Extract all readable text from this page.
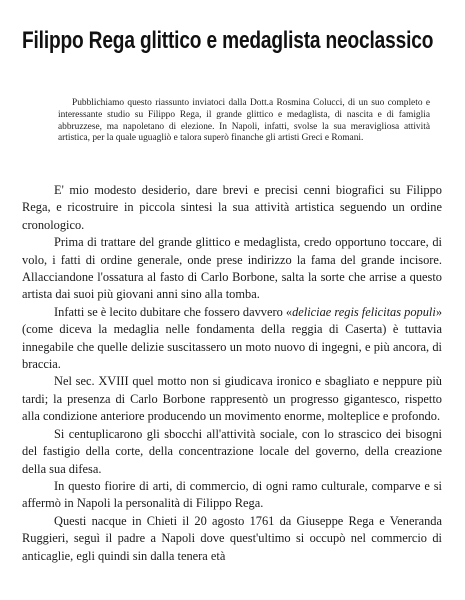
Filippo Rega glittico e medaglista neoclassico
Pubblichiamo questo riassunto inviatoci dalla Dott.a Rosmina Colucci, di un suo completo e interessante studio su Filippo Rega, il grande glittico e medaglista, di nascita e di famiglia abbruzzese, ma napoletano di elezione. In Napoli, infatti, svolse la sua meravigliosa attività artistica, per la quale uguagliò e talora superò finanche gli artisti Greci e Romani.

E' mio modesto desiderio, dare brevi e precisi cenni biografici su Filippo Rega, e ricostruire in piccola sintesi la sua attività artistica seguendo un ordine cronologico.

Prima di trattare del grande glittico e medaglista, credo opportuno toccare, di volo, i fatti di ordine generale, onde prese indirizzo la fama del grande incisore. Allacciandone l'ossatura al fasto di Carlo Borbone, salta la sorte che arrise a questo artista dai suoi più giovani anni sino alla tomba.

Infatti se è lecito dubitare che fossero davvero «deliciae regis felicitas populi» (come diceva la medaglia nelle fondamenta della reggia di Caserta) è tuttavia innegabile che quelle delizie suscitassero un moto nuovo di ingegni, e più ancora, di braccia.

Nel sec. XVIII quel motto non si giudicava ironico e sbagliato e neppure più tardi; la presenza di Carlo Borbone rappresentò un progresso gigantesco, rispetto alla condizione anteriore producendo un movimento enorme, molteplice e profondo.

Si centuplicarono gli sbocchi all'attività sociale, con lo strascico dei bisogni del fastigio della corte, della concentrazione locale del governo, della creazione della sua difesa.

In questo fiorire di arti, di commercio, di ogni ramo culturale, comparve e si affermò in Napoli la personalità di Filippo Rega.

Questi nacque in Chieti il 20 agosto 1761 da Giuseppe Rega e Veneranda Ruggieri, seguì il padre a Napoli dove quest'ultimo si occupò nel commercio di anticaglie, egli quindi sin dalla tenera età
